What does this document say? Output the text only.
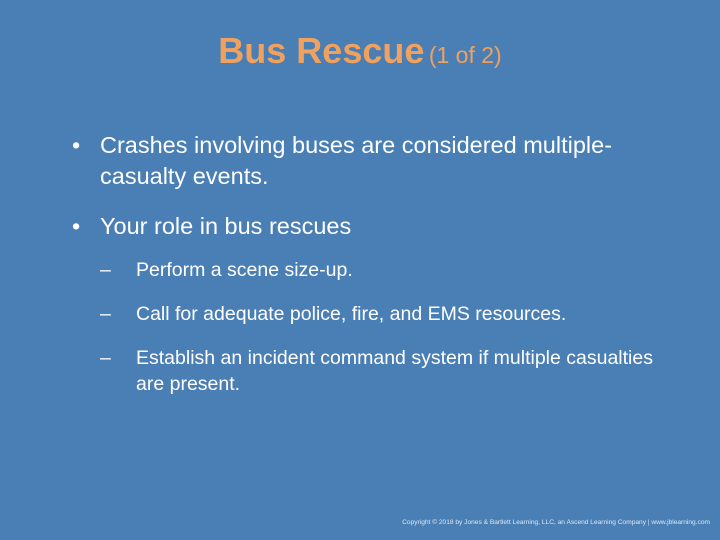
Bus Rescue (1 of 2)
• Crashes involving buses are considered multiple-casualty events.
• Your role in bus rescues
– Perform a scene size-up.
– Call for adequate police, fire, and EMS resources.
– Establish an incident command system if multiple casualties are present.
Copyright © 2018 by Jones & Bartlett Learning, LLC, an Ascend Learning Company | www.jblearning.com
